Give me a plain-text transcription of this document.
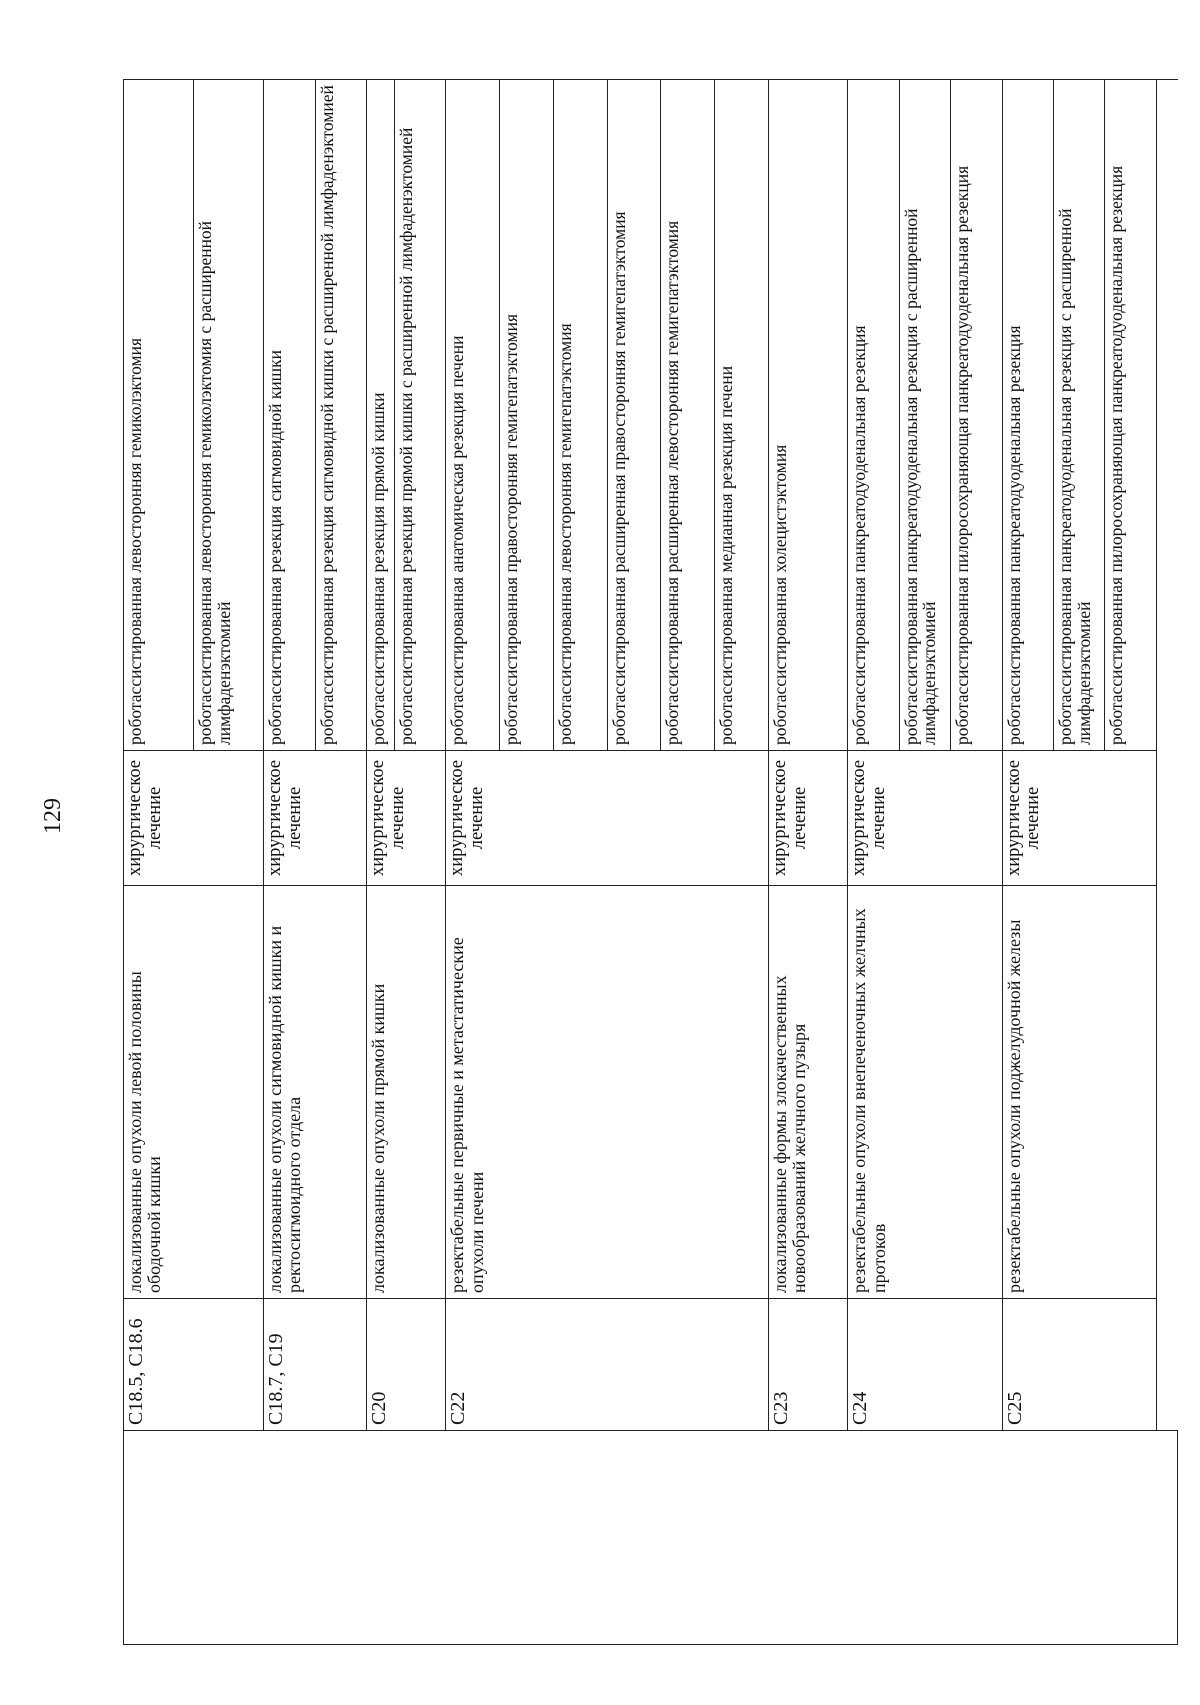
129
	C18.5, C18.6	локализованные опухоли левой половины ободочной кишки	хирургическое лечение	роботассистированная левосторонняя гемиколэктомия
				роботассистированная левосторонняя гемиколэктомия с расширенной лимфаденэктомией
	C18.7, C19	локализованные опухоли сигмовидной кишки и ректосигмоидного отдела	хирургическое лечение	роботассистированная резекция сигмовидной кишки
				роботассистированная резекция сигмовидной кишки с расширенной лимфаденэктомией
	C20	локализованные опухоли прямой кишки	хирургическое лечение	роботассистированная резекция прямой кишки
				роботассистированная резекция прямой кишки с расширенной лимфаденэктомией
	C22	резектабельные первичные и метастатические опухоли печени	хирургическое лечение	роботассистированная анатомическая резекция печени
				роботассистированная правосторонняя гемигепатэктомия
				роботассистированная левосторонняя гемигепатэктомия
				роботассистированная расширенная правосторонняя гемигепатэктомия
				роботассистированная расширенная левосторонняя гемигепатэктомия
				роботассистированная медианная резекция печени
	C23	локализованные формы злокачественных новообразований желчного пузыря	хирургическое лечение	роботассистированная холецистэктомия
	C24	резектабельные опухоли внепеченочных желчных протоков	хирургическое лечение	роботассистированная панкреатодуоденальная резекция
				роботассистированная панкреатодуоденальная резекция с расширенной лимфаденэктомией
				роботассистированная пилоросохраняющая панкреатодуоденальная резекция
	C25	резектабельные опухоли поджелудочной железы	хирургическое лечение	роботассистированная панкреатодуоденальная резекция
				роботассистированная панкреатодуоденальная резекция с расширенной лимфаденэктомией
				роботассистированная пилоросохраняющая панкреатодуоденальная резекция
